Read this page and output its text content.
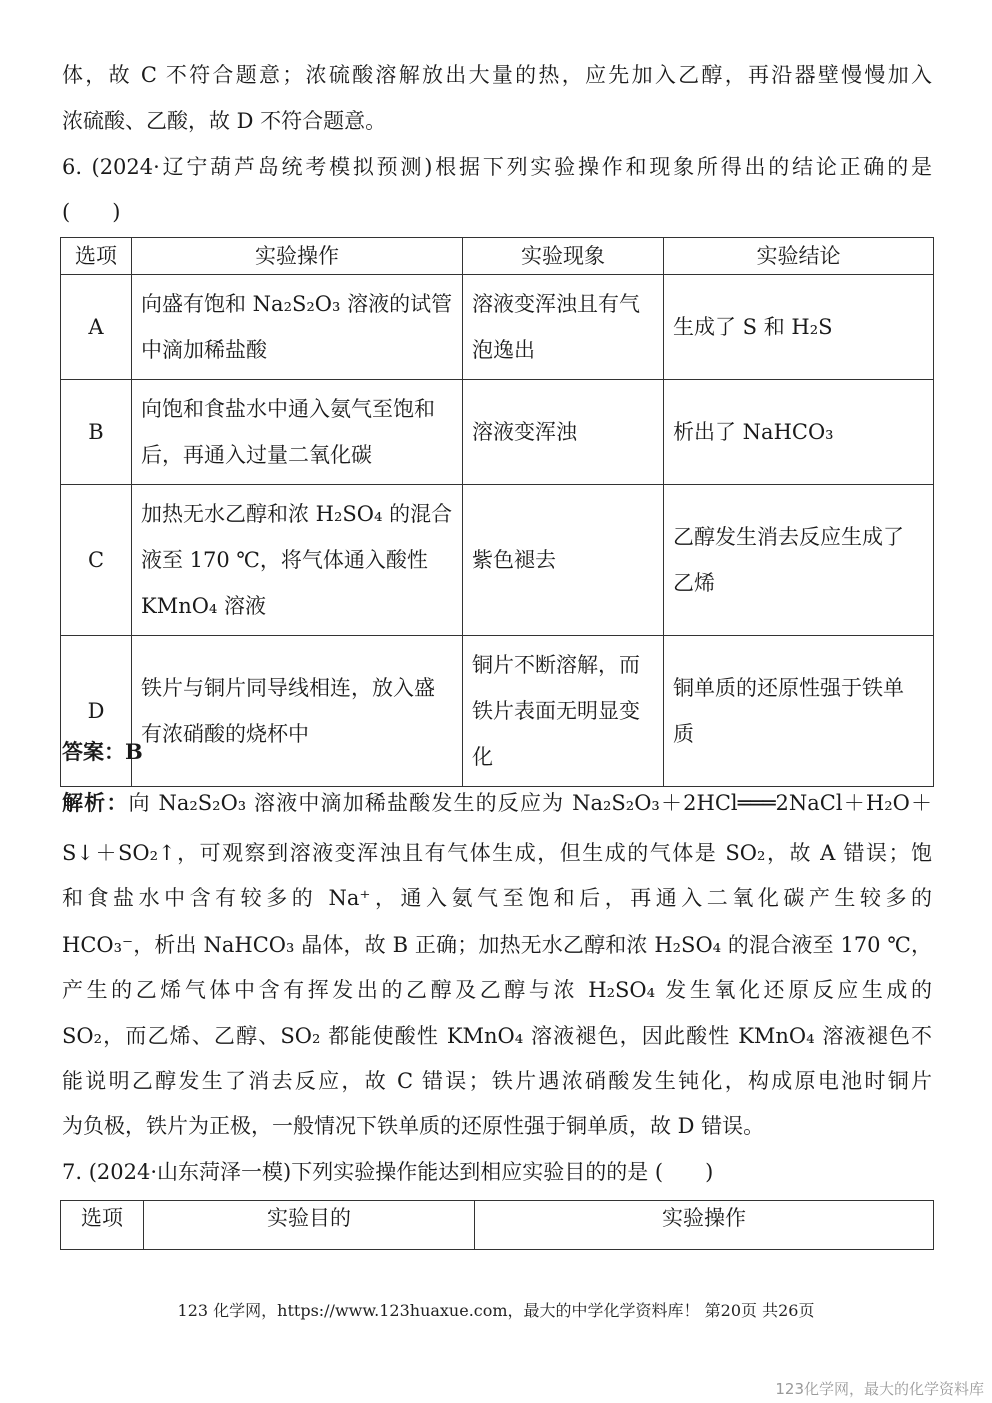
体，故 C 不符合题意；浓硫酸溶解放出大量的热，应先加入乙醇，再沿器壁慢慢加入
浓硫酸、乙酸，故 D 不符合题意。
6. (2024·辽宁葫芦岛统考模拟预测)根据下列实验操作和现象所得出的结论正确的是
(　　)
选项	实验操作	实验现象	实验结论
A	向盛有饱和 Na₂S₂O₃ 溶液的试管中滴加稀盐酸	溶液变浑浊且有气泡逸出	生成了 S 和 H₂S
B	向饱和食盐水中通入氨气至饱和后，再通入过量二氧化碳	溶液变浑浊	析出了 NaHCO₃
C	加热无水乙醇和浓 H₂SO₄ 的混合液至 170 ℃，将气体通入酸性 KMnO₄ 溶液	紫色褪去	乙醇发生消去反应生成了乙烯
D	铁片与铜片同导线相连，放入盛有浓硝酸的烧杯中	铜片不断溶解，而铁片表面无明显变化	铜单质的还原性强于铁单质
答案：B
解析：向 Na₂S₂O₃ 溶液中滴加稀盐酸发生的反应为 Na₂S₂O₃＋2HCl═══2NaCl＋H₂O＋
S↓＋SO₂↑，可观察到溶液变浑浊且有气体生成，但生成的气体是 SO₂，故 A 错误；饱
和食盐水中含有较多的 Na⁺，通入氨气至饱和后，再通入二氧化碳产生较多的
HCO₃⁻，析出 NaHCO₃ 晶体，故 B 正确；加热无水乙醇和浓 H₂SO₄ 的混合液至 170 ℃，
产生的乙烯气体中含有挥发出的乙醇及乙醇与浓 H₂SO₄ 发生氧化还原反应生成的
SO₂，而乙烯、乙醇、SO₂ 都能使酸性 KMnO₄ 溶液褪色，因此酸性 KMnO₄ 溶液褪色不
能说明乙醇发生了消去反应，故 C 错误；铁片遇浓硝酸发生钝化，构成原电池时铜片
为负极，铁片为正极，一般情况下铁单质的还原性强于铜单质，故 D 错误。
7. (2024·山东菏泽一模)下列实验操作能达到相应实验目的的是 (　　)
选项	实验目的	实验操作
123 化学网，https://www.123huaxue.com，最大的中学化学资料库！ 第20页 共26页
123化学网，最大的化学资料库
